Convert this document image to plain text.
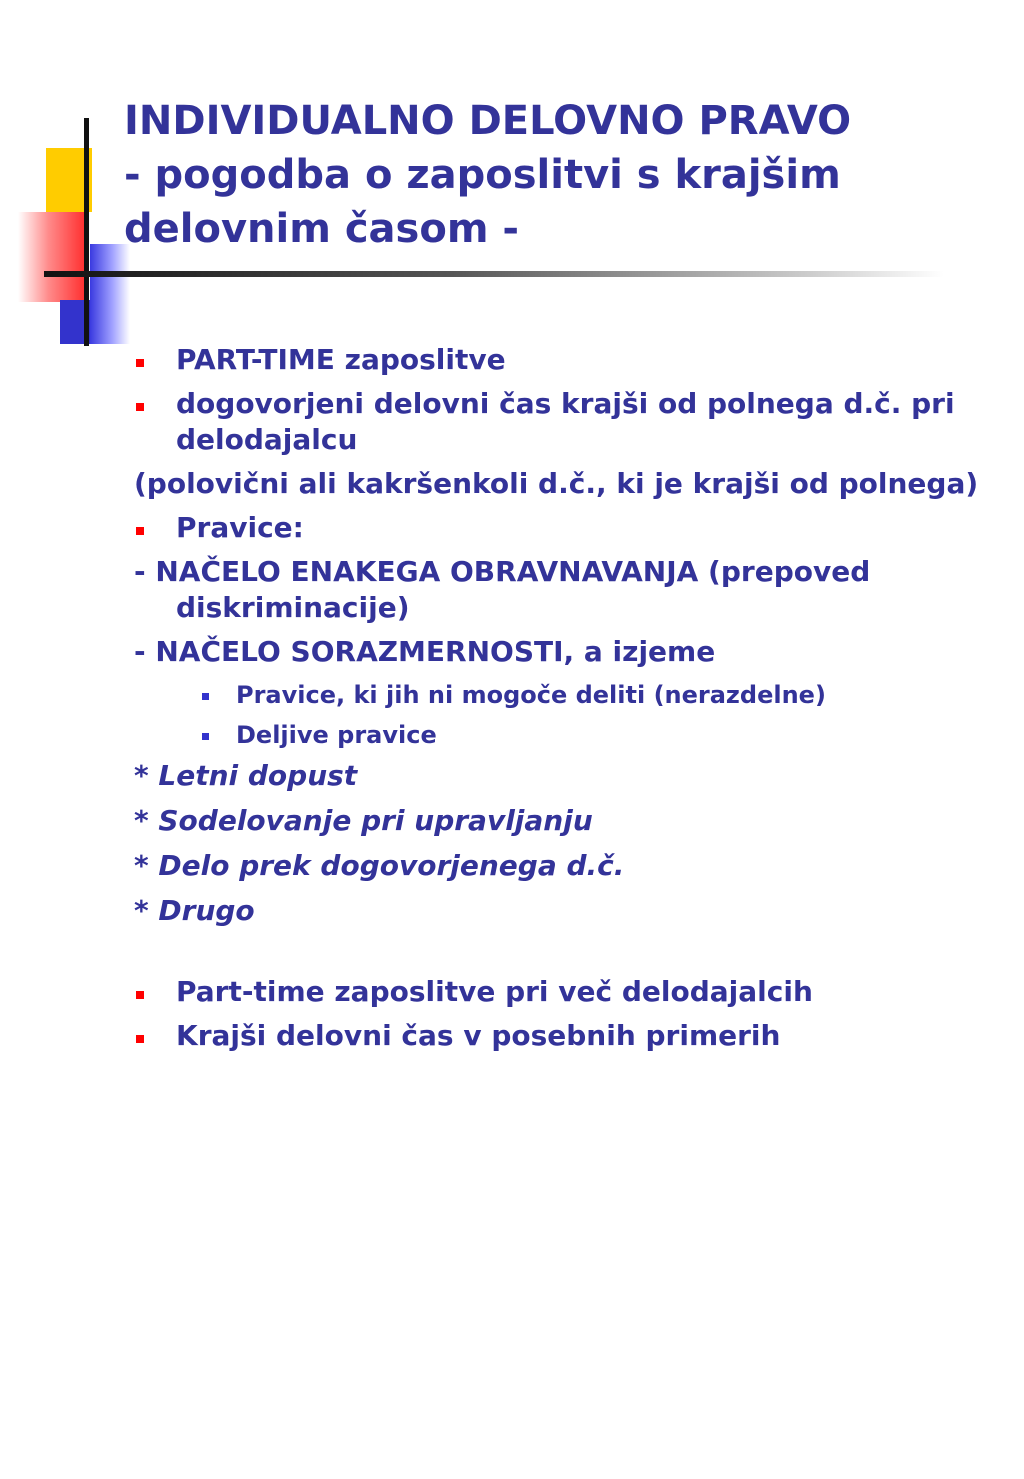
INDIVIDUALNO DELOVNO PRAVO
- pogodba o zaposlitvi s krajšim
delovnim časom -
PART-TIME zaposlitve
dogovorjeni delovni čas krajši od polnega d.č. pri delodajalcu
(polovični ali kakršenkoli d.č., ki je krajši od polnega)
Pravice:
- NAČELO ENAKEGA OBRAVNAVANJA (prepoved diskriminacije)
- NAČELO SORAZMERNOSTI, a izjeme
Pravice, ki jih ni mogoče deliti (nerazdelne)
Deljive pravice
* Letni dopust
* Sodelovanje pri upravljanju
* Delo prek dogovorjenega d.č.
* Drugo
Part-time zaposlitve pri več delodajalcih
Krajši delovni čas v posebnih primerih
